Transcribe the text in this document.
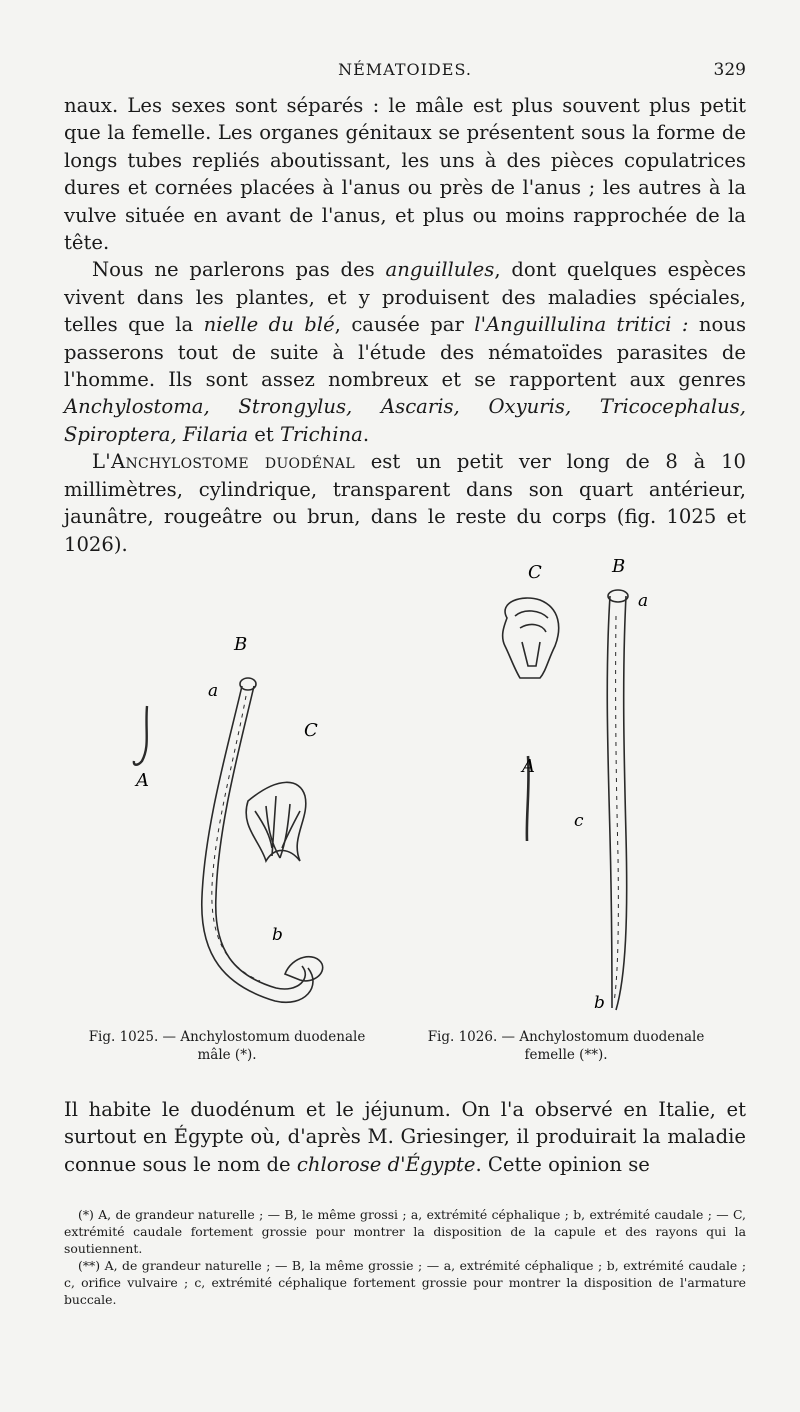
NÉMATOIDES.	329

naux. Les sexes sont séparés : le mâle est plus souvent plus petit que la femelle. Les organes génitaux se présentent sous la forme de longs tubes repliés aboutissant, les uns à des pièces copulatrices dures et cornées placées à l'anus ou près de l'anus ; les autres à la vulve située en avant de l'anus, et plus ou moins rapprochée de la tête.

Nous ne parlerons pas des anguillules, dont quelques espèces vivent dans les plantes, et y produisent des maladies spéciales, telles que la nielle du blé, causée par l'Anguillulina tritici : nous passerons tout de suite à l'étude des nématoïdes parasites de l'homme. Ils sont assez nombreux et se rapportent aux genres Anchylostoma, Strongylus, Ascaris, Oxyuris, Tricocephalus, Spiroptera, Filaria et Trichina.

L'Anchylostome duodénal est un petit ver long de 8 à 10 millimètres, cylindrique, transparent dans son quart antérieur, jaunâtre, rougeâtre ou brun, dans le reste du corps (fig. 1025 et 1026).

A
B
C
a
b
C	B
a
A
c
b
Fig. 1025. — Anchylostomum duodenale mâle (*).
Fig. 1026. — Anchylostomum duodenale femelle (**).

Il habite le duodénum et le jéjunum. On l'a observé en Italie, et surtout en Égypte où, d'après M. Griesinger, il produirait la maladie connue sous le nom de chlorose d'Égypte. Cette opinion se

(*) A, de grandeur naturelle ; — B, le même grossi ; a, extrémité céphalique ; b, extrémité caudale ; — C, extrémité caudale fortement grossie pour montrer la disposition de la capule et des rayons qui la soutiennent.

(**) A, de grandeur naturelle ; — B, la même grossie ; — a, extrémité céphalique ; b, extrémité caudale ; c, orifice vulvaire ; c, extrémité céphalique fortement grossie pour montrer la disposition de l'armature buccale.
